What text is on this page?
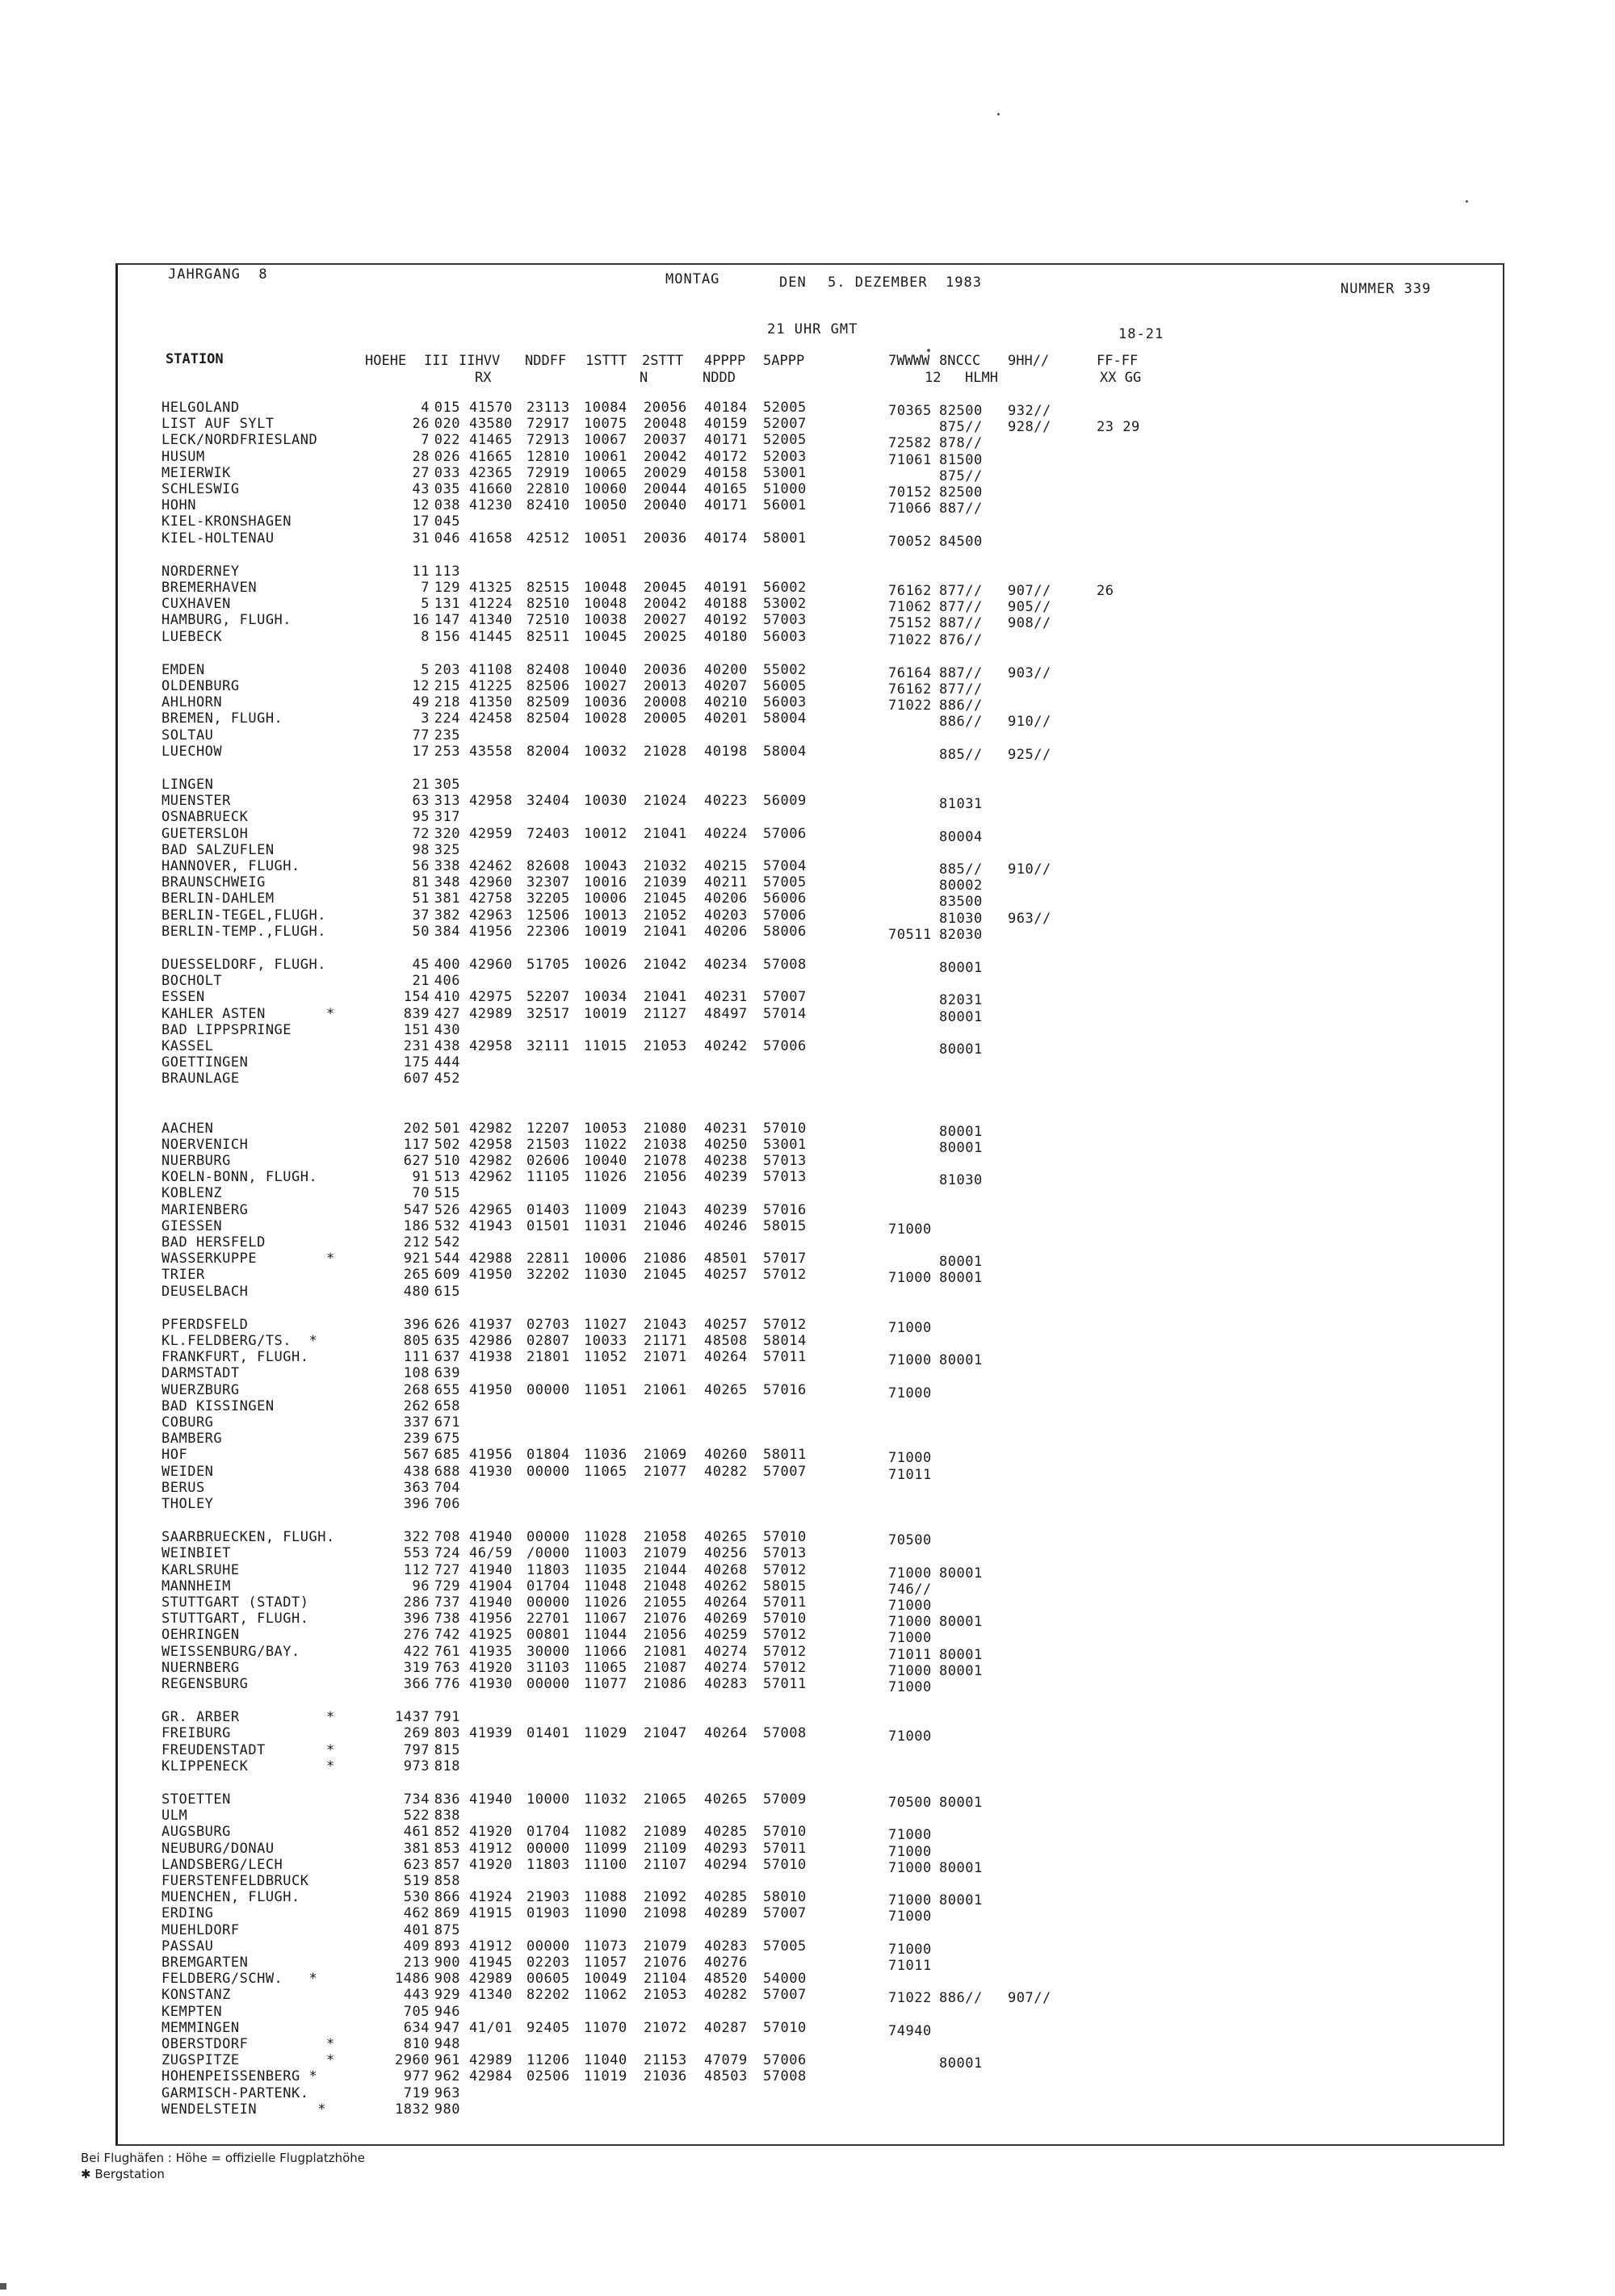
JAHRGANG  8	MONTAG	DEN 5. DEZEMBER  1983	NUMMER 339
21 UHR GMT	18-21
STATION	HOEHE III IIHVV NDDFF 1STTT 2STTT 4PPPP 5APPP	7WWWW 8NCCC 9HH//	FF-FF
RX	N	NDDD	12 HLMH	XX GG
HELGOLAND	4 015 41570 23113 10084 20056 40184 52005	70365 82500 932//
LIST AUF SYLT	26 020 43580 72917 10075 20048 40159 52007	875// 928//	23 29
LECK/NORDFRIESLAND	7 022 41465 72913 10067 20037 40171 52005	72582 878//
HUSUM	28 026 41665 12810 10061 20042 40172 52003	71061 81500
MEIERWIK	27 033 42365 72919 10065 20029 40158 53001	875//
SCHLESWIG	43 035 41660 22810 10060 20044 40165 51000	70152 82500
HOHN	12 038 41230 82410 10050 20040 40171 56001	71066 887//
KIEL-KRONSHAGEN	17 045
KIEL-HOLTENAU	31 046 41658 42512 10051 20036 40174 58001	70052 84500
NORDERNEY	11 113
BREMERHAVEN	7 129 41325 82515 10048 20045 40191 56002	76162 877// 907//	26
CUXHAVEN	5 131 41224 82510 10048 20042 40188 53002	71062 877// 905//
HAMBURG, FLUGH.	16 147 41340 72510 10038 20027 40192 57003	75152 887// 908//
LUEBECK	8 156 41445 82511 10045 20025 40180 56003	71022 876//
EMDEN	5 203 41108 82408 10040 20036 40200 55002	76164 887// 903//
OLDENBURG	12 215 41225 82506 10027 20013 40207 56005	76162 877//
AHLHORN	49 218 41350 82509 10036 20008 40210 56003	71022 886//
BREMEN, FLUGH.	3 224 42458 82504 10028 20005 40201 58004	886// 910//
SOLTAU	77 235
LUECHOW	17 253 43558 82004 10032 21028 40198 58004	885// 925//
LINGEN	21 305
MUENSTER	63 313 42958 32404 10030 21024 40223 56009	81031
OSNABRUECK	95 317
GUETERSLOH	72 320 42959 72403 10012 21041 40224 57006	80004
BAD SALZUFLEN	98 325
HANNOVER, FLUGH.	56 338 42462 82608 10043 21032 40215 57004	885// 910//
BRAUNSCHWEIG	81 348 42960 32307 10016 21039 40211 57005	80002
BERLIN-DAHLEM	51 381 42758 32205 10006 21045 40206 56006	83500
BERLIN-TEGEL,FLUGH.	37 382 42963 12506 10013 21052 40203 57006	81030 963//
BERLIN-TEMP.,FLUGH.	50 384 41956 22306 10019 21041 40206 58006	70511 82030
DUESSELDORF, FLUGH.	45 400 42960 51705 10026 21042 40234 57008	80001
BOCHOLT	21 406
ESSEN	154 410 42975 52207 10034 21041 40231 57007	82031
KAHLER ASTEN       *	839 427 42989 32517 10019 21127 48497 57014	80001
BAD LIPPSPRINGE	151 430
KASSEL	231 438 42958 32111 11015 21053 40242 57006	80001
GOETTINGEN	175 444
BRAUNLAGE	607 452
AACHEN	202 501 42982 12207 10053 21080 40231 57010	80001
NOERVENICH	117 502 42958 21503 11022 21038 40250 53001	80001
NUERBURG	627 510 42982 02606 10040 21078 40238 57013
KOELN-BONN, FLUGH.	91 513 42962 11105 11026 21056 40239 57013	81030
KOBLENZ	70 515
MARIENBERG	547 526 42965 01403 11009 21043 40239 57016
GIESSEN	186 532 41943 01501 11031 21046 40246 58015	71000
BAD HERSFELD	212 542
WASSERKUPPE        *	921 544 42988 22811 10006 21086 48501 57017	80001
TRIER	265 609 41950 32202 11030 21045 40257 57012	71000 80001
DEUSELBACH	480 615
PFERDSFELD	396 626 41937 02703 11027 21043 40257 57012	71000
KL.FELDBERG/TS.  *	805 635 42986 02807 10033 21171 48508 58014
FRANKFURT, FLUGH.	111 637 41938 21801 11052 21071 40264 57011	71000 80001
DARMSTADT	108 639
WUERZBURG	268 655 41950 00000 11051 21061 40265 57016	71000
BAD KISSINGEN	262 658
COBURG	337 671
BAMBERG	239 675
HOF	567 685 41956 01804 11036 21069 40260 58011	71000
WEIDEN	438 688 41930 00000 11065 21077 40282 57007	71011
BERUS	363 704
THOLEY	396 706
SAARBRUECKEN, FLUGH.	322 708 41940 00000 11028 21058 40265 57010	70500
WEINBIET	553 724 46/59 /0000 11003 21079 40256 57013
KARLSRUHE	112 727 41940 11803 11035 21044 40268 57012	71000 80001
MANNHEIM	96 729 41904 01704 11048 21048 40262 58015	746//
STUTTGART (STADT)	286 737 41940 00000 11026 21055 40264 57011	71000
STUTTGART, FLUGH.	396 738 41956 22701 11067 21076 40269 57010	71000 80001
OEHRINGEN	276 742 41925 00801 11044 21056 40259 57012	71000
WEISSENBURG/BAY.	422 761 41935 30000 11066 21081 40274 57012	71011 80001
NUERNBERG	319 763 41920 31103 11065 21087 40274 57012	71000 80001
REGENSBURG	366 776 41930 00000 11077 21086 40283 57011	71000
GR. ARBER          *	1437 791
FREIBURG	269 803 41939 01401 11029 21047 40264 57008	71000
FREUDENSTADT       *	797 815
KLIPPENECK         *	973 818
STOETTEN	734 836 41940 10000 11032 21065 40265 57009	70500 80001
ULM	522 838
AUGSBURG	461 852 41920 01704 11082 21089 40285 57010	71000
NEUBURG/DONAU	381 853 41912 00000 11099 21109 40293 57011	71000
LANDSBERG/LECH	623 857 41920 11803 11100 21107 40294 57010	71000 80001
FUERSTENFELDBRUCK	519 858
MUENCHEN, FLUGH.	530 866 41924 21903 11088 21092 40285 58010	71000 80001
ERDING	462 869 41915 01903 11090 21098 40289 57007	71000
MUEHLDORF	401 875
PASSAU	409 893 41912 00000 11073 21079 40283 57005	71000
BREMGARTEN	213 900 41945 02203 11057 21076 40276	71011
FELDBERG/SCHW.   *	1486 908 42989 00605 10049 21104 48520 54000
KONSTANZ	443 929 41340 82202 11062 21053 40282 57007	71022 886// 907//
KEMPTEN	705 946
MEMMINGEN	634 947 41/01 92405 11070 21072 40287 57010	74940
OBERSTDORF         *	810 948
ZUGSPITZE          *	2960 961 42989 11206 11040 21153 47079 57006	80001
HOHENPEISSENBERG *	977 962 42984 02506 11019 21036 48503 57008
GARMISCH-PARTENK.	719 963
WENDELSTEIN       *	1832 980
Bei Flughäfen : Höhe = offizielle Flugplatzhöhe
✱ Bergstation
